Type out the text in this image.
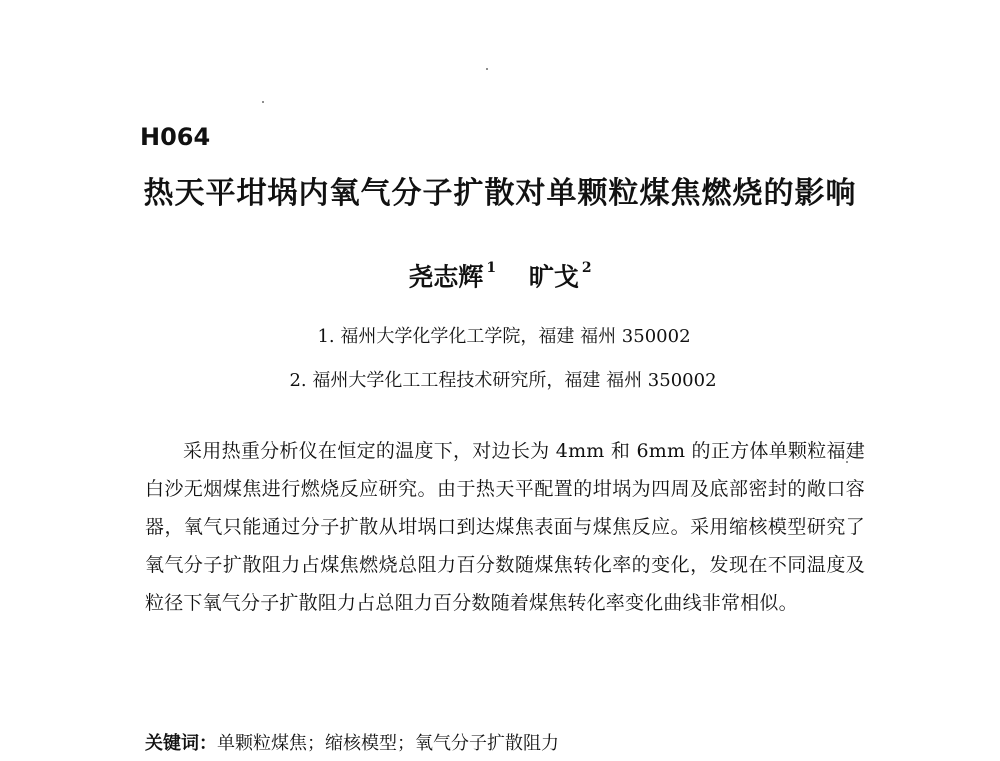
H064
热天平坩埚内氧气分子扩散对单颗粒煤焦燃烧的影响
尧志辉 $^1$ 旷戈 $^2$
1. 福州大学化学化工学院，福建 福州 350002
2. 福州大学化工工程技术研究所，福建 福州 350002

采用热重分析仪在恒定的温度下，对边长为 4mm 和 6mm 的正方体单颗粒福建白沙无烟煤焦进行燃烧反应研究。由于热天平配置的坩埚为四周及底部密封的敞口容器，氧气只能通过分子扩散从坩埚口到达煤焦表面与煤焦反应。采用缩核模型研究了氧气分子扩散阻力占煤焦燃烧总阻力百分数随煤焦转化率的变化，发现在不同温度及粒径下氧气分子扩散阻力占总阻力百分数随着煤焦转化率变化曲线非常相似。

关键词：单颗粒煤焦；缩核模型；氧气分子扩散阻力
